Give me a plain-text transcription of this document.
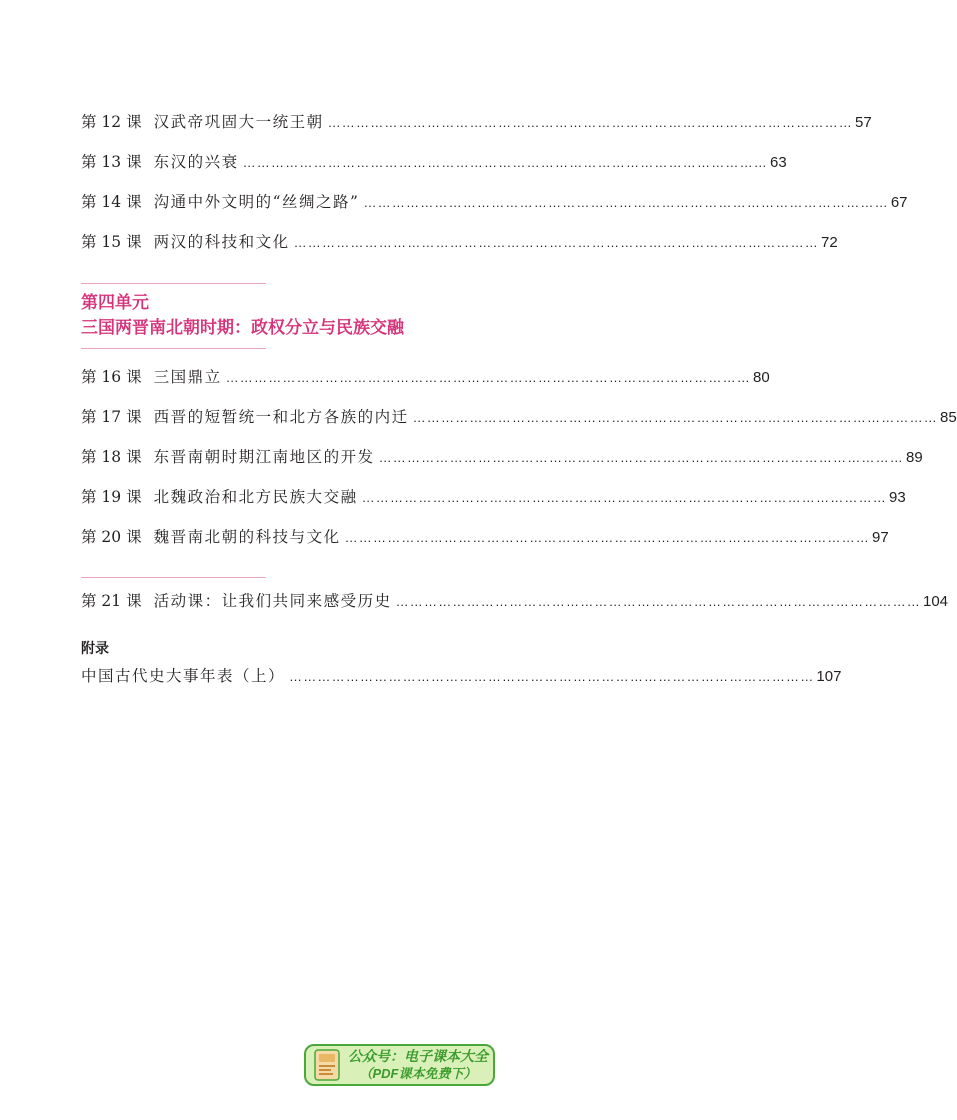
第 12 课 汉武帝巩固大一统王朝 ………………………………………………………………………………………………… 57
第 13 课 东汉的兴衰 ………………………………………………………………………………………………… 63
第 14 课 沟通中外文明的“丝绸之路” ………………………………………………………………………………………………… 67
第 15 课 两汉的科技和文化 ………………………………………………………………………………………………… 72
第四单元
三国两晋南北朝时期：政权分立与民族交融
第 16 课 三国鼎立 ………………………………………………………………………………………………… 80
第 17 课 西晋的短暂统一和北方各族的内迁 ………………………………………………………………………………………………… 85
第 18 课 东晋南朝时期江南地区的开发 ………………………………………………………………………………………………… 89
第 19 课 北魏政治和北方民族大交融 ………………………………………………………………………………………………… 93
第 20 课 魏晋南北朝的科技与文化 ………………………………………………………………………………………………… 97
第 21 课 活动课：让我们共同来感受历史 ………………………………………………………………………………………………… 104
附录
中国古代史大事年表（上） ………………………………………………………………………………………………… 107
公众号：电子课本大全
（PDF课本免费下）
